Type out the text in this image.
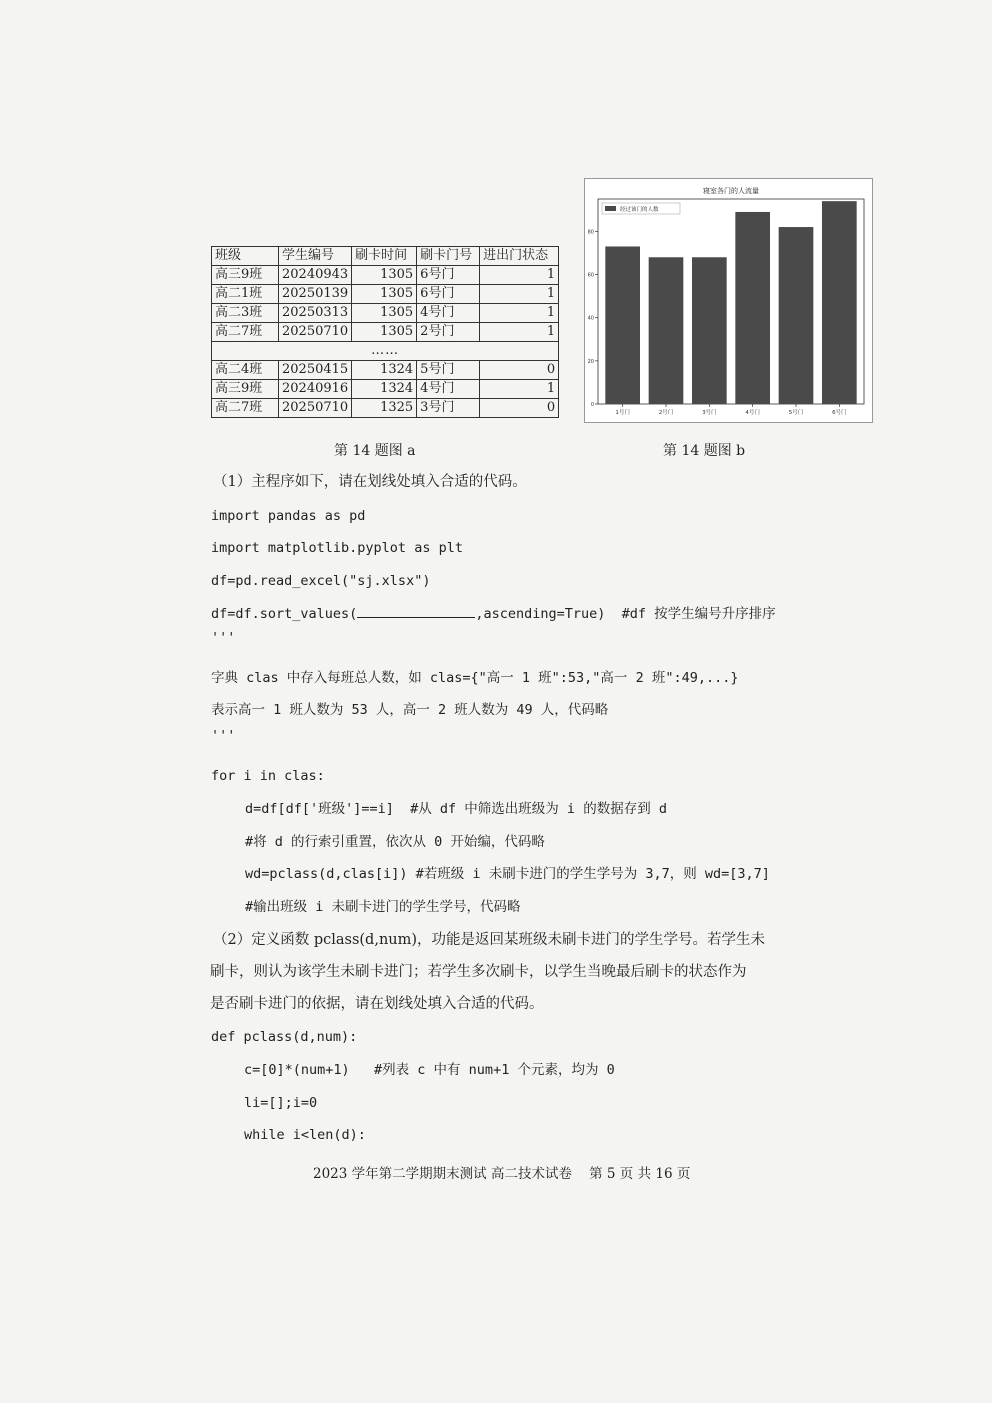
班级	学生编号	刷卡时间	刷卡门号	进出门状态
高三9班	20240943	1305	6号门	1
高二1班	20250139	1305	6号门	1
高二3班	20250313	1305	4号门	1
高二7班	20250710	1305	2号门	1
……				
高二4班	20250415	1324	5号门	0
高三9班	20240916	1324	4号门	1
高二7班	20250710	1325	3号门	0
寝室各门的人流量
0
20
40
60
80
1号门	2号门	3号门	4号门	5号门	6号门
经过该门的人数
第 14 题图 a	第 14 题图 b
（1）主程序如下，请在划线处填入合适的代码。
import pandas as pd
import matplotlib.pyplot as plt
df=pd.read_excel("sj.xlsx")
df=df.sort_values(	,ascending=True)  #df 按学生编号升序排序
'''
字典 clas 中存入每班总人数，如 clas={"高一 1 班":53,"高一 2 班":49,...}
表示高一 1 班人数为 53 人，高一 2 班人数为 49 人，代码略
'''
for i in clas:
d=df[df['班级']==i]  #从 df 中筛选出班级为 i 的数据存到 d
#将 d 的行索引重置，依次从 0 开始编，代码略
wd=pclass(d,clas[i]) #若班级 i 未刷卡进门的学生学号为 3,7，则 wd=[3,7]
#输出班级 i 未刷卡进门的学生学号，代码略
（2）定义函数 pclass(d,num)，功能是返回某班级未刷卡进门的学生学号。若学生未
刷卡，则认为该学生未刷卡进门；若学生多次刷卡，以学生当晚最后刷卡的状态作为
是否刷卡进门的依据，请在划线处填入合适的代码。
def pclass(d,num):
c=[0]*(num+1)   #列表 c 中有 num+1 个元素，均为 0
li=[];i=0
while i<len(d):
2023 学年第二学期期末测试 高二技术试卷    第 5 页 共 16 页
